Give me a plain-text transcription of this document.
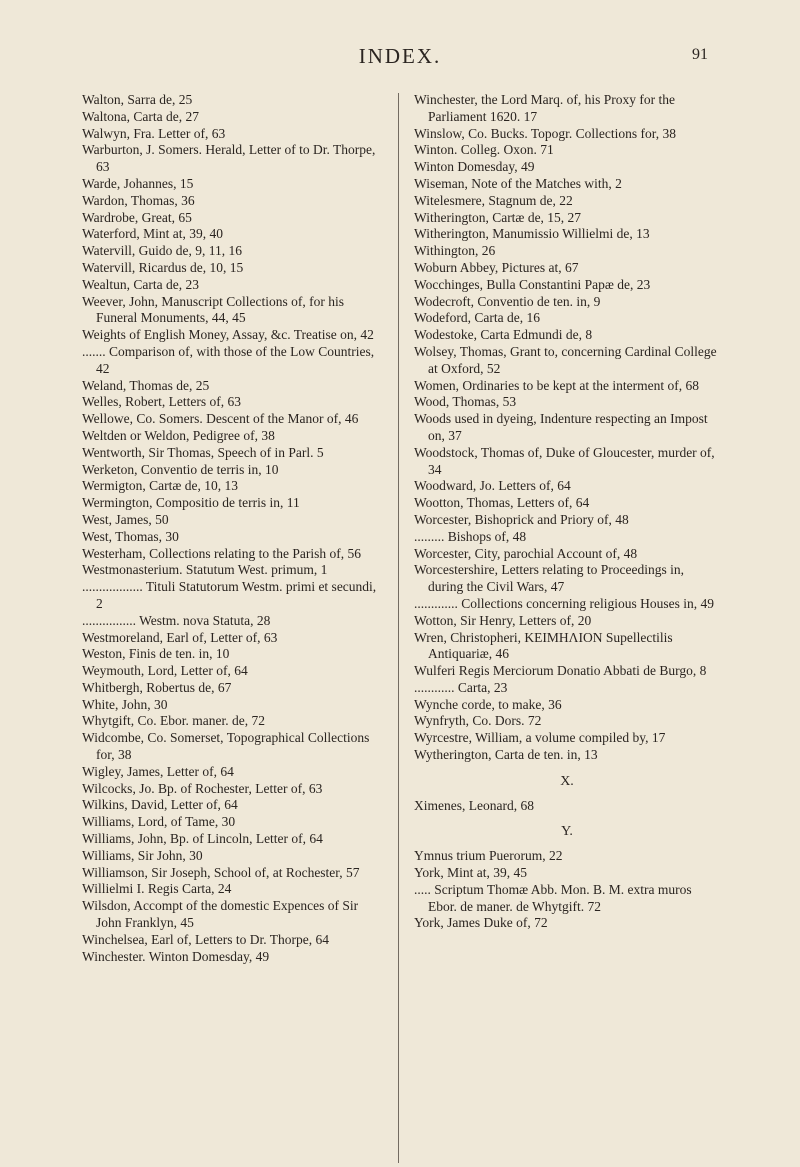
INDEX.	91

Walton, Sarra de, 25

Waltona, Carta de, 27

Walwyn, Fra. Letter of, 63

Warburton, J. Somers. Herald, Letter of to Dr. Thorpe, 63

Warde, Johannes, 15

Wardon, Thomas, 36

Wardrobe, Great, 65

Waterford, Mint at, 39, 40

Watervill, Guido de, 9, 11, 16

Watervill, Ricardus de, 10, 15

Wealtun, Carta de, 23

Weever, John, Manuscript Collections of, for his Funeral Monuments, 44, 45

Weights of English Money, Assay, &c. Treatise on, 42

....... Comparison of, with those of the Low Countries, 42

Weland, Thomas de, 25

Welles, Robert, Letters of, 63

Wellowe, Co. Somers. Descent of the Manor of, 46

Weltden or Weldon, Pedigree of, 38

Wentworth, Sir Thomas, Speech of in Parl. 5

Werketon, Conventio de terris in, 10

Wermigton, Cartæ de, 10, 13

Wermington, Compositio de terris in, 11

West, James, 50

West, Thomas, 30

Westerham, Collections relating to the Parish of, 56

Westmonasterium. Statutum West. primum, 1

.................. Tituli Statutorum Westm. primi et secundi, 2

................ Westm. nova Statuta, 28

Westmoreland, Earl of, Letter of, 63

Weston, Finis de ten. in, 10

Weymouth, Lord, Letter of, 64

Whitbergh, Robertus de, 67

White, John, 30

Whytgift, Co. Ebor. maner. de, 72

Widcombe, Co. Somerset, Topographical Collections for, 38

Wigley, James, Letter of, 64

Wilcocks, Jo. Bp. of Rochester, Letter of, 63

Wilkins, David, Letter of, 64

Williams, Lord, of Tame, 30

Williams, John, Bp. of Lincoln, Letter of, 64

Williams, Sir John, 30

Williamson, Sir Joseph, School of, at Rochester, 57

Willielmi I. Regis Carta, 24

Wilsdon, Accompt of the domestic Expences of Sir John Franklyn, 45

Winchelsea, Earl of, Letters to Dr. Thorpe, 64

Winchester. Winton Domesday, 49

Winchester, the Lord Marq. of, his Proxy for the Parliament 1620. 17

Winslow, Co. Bucks. Topogr. Collections for, 38

Winton. Colleg. Oxon. 71

Winton Domesday, 49

Wiseman, Note of the Matches with, 2

Witelesmere, Stagnum de, 22

Witherington, Cartæ de, 15, 27

Witherington, Manumissio Willielmi de, 13

Withington, 26

Woburn Abbey, Pictures at, 67

Wocchinges, Bulla Constantini Papæ de, 23

Wodecroft, Conventio de ten. in, 9

Wodeford, Carta de, 16

Wodestoke, Carta Edmundi de, 8

Wolsey, Thomas, Grant to, concerning Cardinal College at Oxford, 52

Women, Ordinaries to be kept at the interment of, 68

Wood, Thomas, 53

Woods used in dyeing, Indenture respecting an Impost on, 37

Woodstock, Thomas of, Duke of Gloucester, murder of, 34

Woodward, Jo. Letters of, 64

Wootton, Thomas, Letters of, 64

Worcester, Bishoprick and Priory of, 48

......... Bishops of, 48

Worcester, City, parochial Account of, 48

Worcestershire, Letters relating to Proceedings in, during the Civil Wars, 47

............. Collections concerning religious Houses in, 49

Wotton, Sir Henry, Letters of, 20

Wren, Christopheri, ΚΕΙΜΗΛΙΟΝ Supellectilis Antiquariæ, 46

Wulferi Regis Merciorum Donatio Abbati de Burgo, 8

............ Carta, 23

Wynche corde, to make, 36

Wynfryth, Co. Dors. 72

Wyrcestre, William, a volume compiled by, 17

Wytherington, Carta de ten. in, 13

X.

Ximenes, Leonard, 68

Y.

Ymnus trium Puerorum, 22

York, Mint at, 39, 45

..... Scriptum Thomæ Abb. Mon. B. M. extra muros Ebor. de maner. de Whytgift. 72

York, James Duke of, 72
